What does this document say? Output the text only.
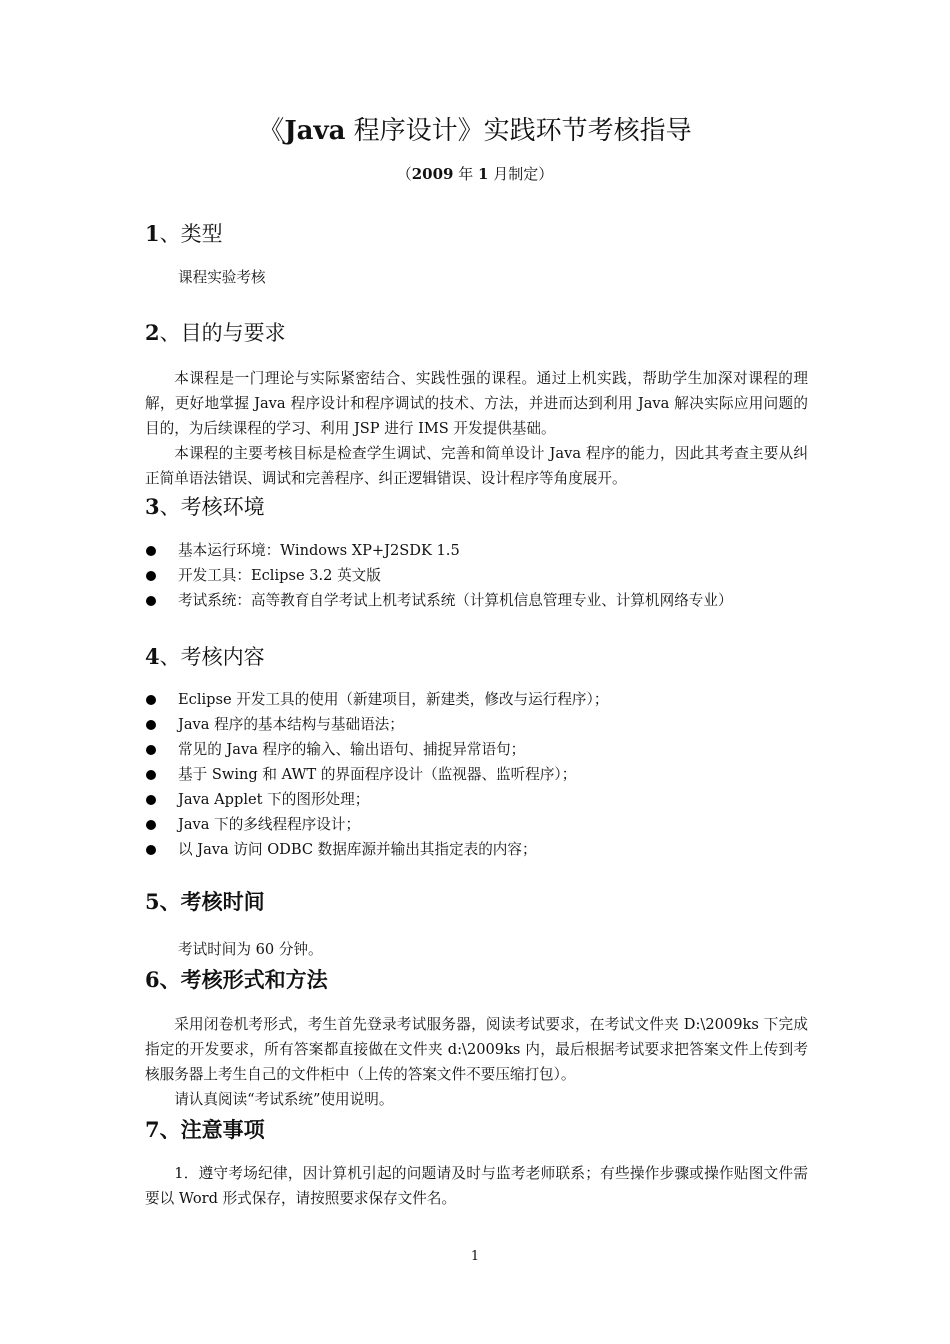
《Java 程序设计》实践环节考核指导
（2009 年 1 月制定）
1、类型
课程实验考核
2、目的与要求
本课程是一门理论与实际紧密结合、实践性强的课程。通过上机实践，帮助学生加深对课程的理解，更好地掌握 Java 程序设计和程序调试的技术、方法，并进而达到利用 Java 解决实际应用问题的目的，为后续课程的学习、利用 JSP 进行 IMS 开发提供基础。
本课程的主要考核目标是检查学生调试、完善和简单设计 Java 程序的能力，因此其考查主要从纠正简单语法错误、调试和完善程序、纠正逻辑错误、设计程序等角度展开。
3、考核环境
基本运行环境：Windows XP+J2SDK 1.5
开发工具：Eclipse 3.2 英文版
考试系统：高等教育自学考试上机考试系统（计算机信息管理专业、计算机网络专业）
4、考核内容
Eclipse 开发工具的使用（新建项目，新建类，修改与运行程序）；
Java 程序的基本结构与基础语法；
常见的 Java 程序的输入、输出语句、捕捉异常语句；
基于 Swing 和 AWT 的界面程序设计（监视器、监听程序）；
Java Applet 下的图形处理；
Java 下的多线程程序设计；
以 Java 访问 ODBC 数据库源并输出其指定表的内容；
5、考核时间
考试时间为 60 分钟。
6、考核形式和方法
采用闭卷机考形式，考生首先登录考试服务器，阅读考试要求，在考试文件夹 D:\2009ks 下完成指定的开发要求，所有答案都直接做在文件夹 d:\2009ks 内，最后根据考试要求把答案文件上传到考核服务器上考生自己的文件柜中（上传的答案文件不要压缩打包）。
请认真阅读“考试系统”使用说明。
7、注意事项
1．遵守考场纪律，因计算机引起的问题请及时与监考老师联系；有些操作步骤或操作贴图文件需要以 Word 形式保存，请按照要求保存文件名。
1
